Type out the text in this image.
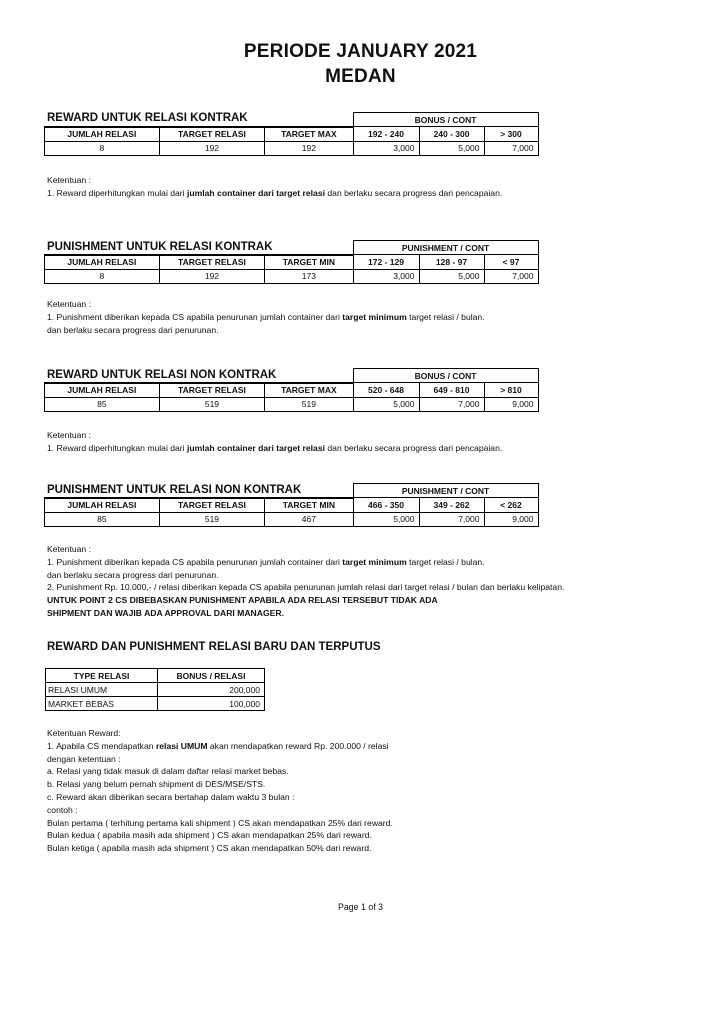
PERIODE JANUARY 2021
MEDAN
REWARD UNTUK RELASI KONTRAK
			BONUS / CONT		
JUMLAH RELASI	TARGET RELASI	TARGET MAX	192 - 240	240 - 300	> 300
8	192	192	3,000	5,000	7,000
Ketentuan :
1. Reward diperhitungkan mulai dari jumlah container dari target relasi dan berlaku secara progress dari pencapaian.
PUNISHMENT UNTUK RELASI KONTRAK
			PUNISHMENT / CONT		
JUMLAH RELASI	TARGET RELASI	TARGET MIN	172 - 129	128 - 97	< 97
8	192	173	3,000	5,000	7,000
Ketentuan :
1. Punishment diberikan kepada CS apabila penurunan jumlah container dari target minimum target relasi / bulan.
dan berlaku secara progress dari penurunan.
REWARD UNTUK RELASI NON KONTRAK
			BONUS / CONT		
JUMLAH RELASI	TARGET RELASI	TARGET MAX	520 - 648	649 - 810	> 810
85	519	519	5,000	7,000	9,000
Ketentuan :
1. Reward diperhitungkan mulai dari jumlah container dari target relasi dan berlaku secara progress dari pencapaian.
PUNISHMENT UNTUK RELASI NON KONTRAK
			PUNISHMENT / CONT		
JUMLAH RELASI	TARGET RELASI	TARGET MIN	466 - 350	349 - 262	< 262
85	519	467	5,000	7,000	9,000
Ketentuan :
1. Punishment diberikan kepada CS apabila penurunan jumlah container dari target minimum target relasi / bulan.
dan berlaku secara progress dari penurunan.
2. Punishment Rp. 10.000,- / relasi diberikan kepada CS apabila penurunan jumlah relasi dari target relasi / bulan dan berlaku kelipatan.
UNTUK POINT 2 CS DIBEBASKAN PUNISHMENT APABILA ADA RELASI TERSEBUT TIDAK ADA
SHIPMENT DAN WAJIB ADA APPROVAL DARI MANAGER.
REWARD DAN PUNISHMENT RELASI BARU DAN TERPUTUS
TYPE RELASI	BONUS / RELASI
RELASI UMUM	200,000
MARKET BEBAS	100,000
Ketentuan Reward:
1. Apabila CS mendapatkan relasi UMUM akan mendapatkan reward Rp. 200.000 / relasi
dengan ketentuan :
a. Relasi yang tidak masuk di dalam daftar relasi market bebas.
b. Relasi yang belum pernah shipment di DES/MSE/STS.
c. Reward akan diberikan secara bertahap dalam waktu 3 bulan :
contoh :
Bulan pertama ( terhitung pertama kali shipment ) CS akan mendapatkan 25% dari reward.
Bulan kedua ( apabila masih ada shipment ) CS akan mendapatkan 25% dari reward.
Bulan ketiga ( apabila masih ada shipment ) CS akan mendapatkan 50% dari reward.
Page 1 of 3
